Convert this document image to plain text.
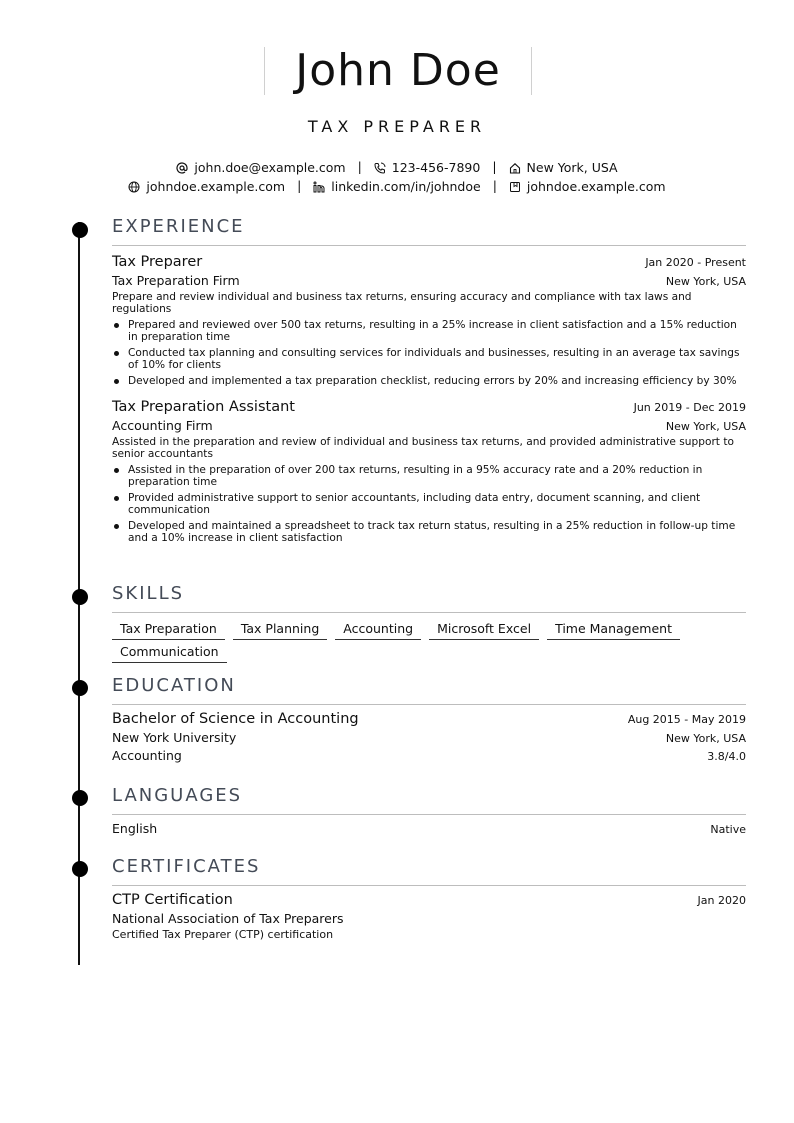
John Doe
TAX PREPARER
john.doe@example.com | 123-456-7890 | New York, USA
johndoe.example.com | linkedin.com/in/johndoe | johndoe.example.com
EXPERIENCE
Tax Preparer	Jan 2020 - Present
Tax Preparation Firm	New York, USA
Prepare and review individual and business tax returns, ensuring accuracy and compliance with tax laws and regulations
Prepared and reviewed over 500 tax returns, resulting in a 25% increase in client satisfaction and a 15% reduction in preparation time
Conducted tax planning and consulting services for individuals and businesses, resulting in an average tax savings of 10% for clients
Developed and implemented a tax preparation checklist, reducing errors by 20% and increasing efficiency by 30%
Tax Preparation Assistant	Jun 2019 - Dec 2019
Accounting Firm	New York, USA
Assisted in the preparation and review of individual and business tax returns, and provided administrative support to senior accountants
Assisted in the preparation of over 200 tax returns, resulting in a 95% accuracy rate and a 20% reduction in preparation time
Provided administrative support to senior accountants, including data entry, document scanning, and client communication
Developed and maintained a spreadsheet to track tax return status, resulting in a 25% reduction in follow-up time and a 10% increase in client satisfaction
SKILLS
Tax Preparation	Tax Planning	Accounting	Microsoft Excel	Time Management
Communication
EDUCATION
Bachelor of Science in Accounting	Aug 2015 - May 2019
New York University	New York, USA
Accounting	3.8/4.0
LANGUAGES
English	Native
CERTIFICATES
CTP Certification	Jan 2020
National Association of Tax Preparers
Certified Tax Preparer (CTP) certification
